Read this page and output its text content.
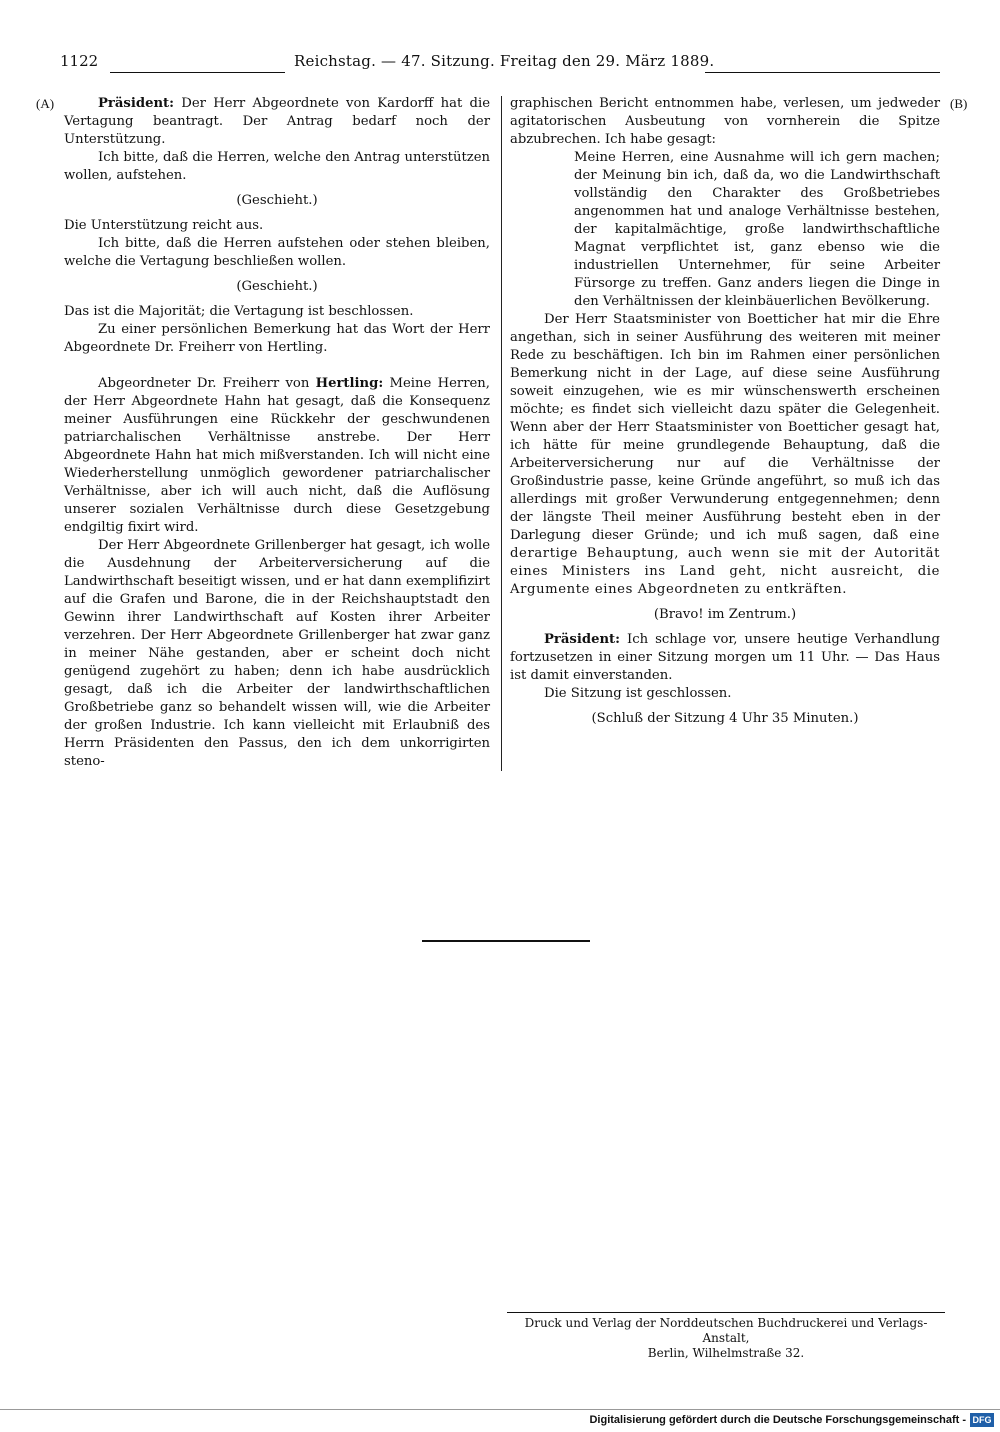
1122	Reichstag. — 47. Sitzung. Freitag den 29. März 1889.
(A)	(B)

Präsident: Der Herr Abgeordnete von Kardorff hat die Vertagung beantragt. Der Antrag bedarf noch der Unterstützung.

Ich bitte, daß die Herren, welche den Antrag unterstützen wollen, aufstehen.

(Geschieht.)

Die Unterstützung reicht aus.

Ich bitte, daß die Herren aufstehen oder stehen bleiben, welche die Vertagung beschließen wollen.

(Geschieht.)

Das ist die Majorität; die Vertagung ist beschlossen.

Zu einer persönlichen Bemerkung hat das Wort der Herr Abgeordnete Dr. Freiherr von Hertling.

Abgeordneter Dr. Freiherr von Hertling: Meine Herren, der Herr Abgeordnete Hahn hat gesagt, daß die Konsequenz meiner Ausführungen eine Rückkehr der geschwundenen patriarchalischen Verhältnisse anstrebe. Der Herr Abgeordnete Hahn hat mich mißverstanden. Ich will nicht eine Wiederherstellung unmöglich gewordener patriarchalischer Verhältnisse, aber ich will auch nicht, daß die Auflösung unserer sozialen Verhältnisse durch diese Gesetzgebung endgiltig fixirt wird.

Der Herr Abgeordnete Grillenberger hat gesagt, ich wolle die Ausdehnung der Arbeiterversicherung auf die Landwirthschaft beseitigt wissen, und er hat dann exemplifizirt auf die Grafen und Barone, die in der Reichshauptstadt den Gewinn ihrer Landwirthschaft auf Kosten ihrer Arbeiter verzehren. Der Herr Abgeordnete Grillenberger hat zwar ganz in meiner Nähe gestanden, aber er scheint doch nicht genügend zugehört zu haben; denn ich habe ausdrücklich gesagt, daß ich die Arbeiter der landwirthschaftlichen Großbetriebe ganz so behandelt wissen will, wie die Arbeiter der großen Industrie. Ich kann vielleicht mit Erlaubniß des Herrn Präsidenten den Passus, den ich dem unkorrigirten steno-

graphischen Bericht entnommen habe, verlesen, um jedweder agitatorischen Ausbeutung von vornherein die Spitze abzubrechen. Ich habe gesagt:

Meine Herren, eine Ausnahme will ich gern machen; der Meinung bin ich, daß da, wo die Landwirthschaft vollständig den Charakter des Großbetriebes angenommen hat und analoge Verhältnisse bestehen, der kapitalmächtige, große landwirthschaftliche Magnat verpflichtet ist, ganz ebenso wie die industriellen Unternehmer, für seine Arbeiter Fürsorge zu treffen. Ganz anders liegen die Dinge in den Verhältnissen der kleinbäuerlichen Bevölkerung.

Der Herr Staatsminister von Boetticher hat mir die Ehre angethan, sich in seiner Ausführung des weiteren mit meiner Rede zu beschäftigen. Ich bin im Rahmen einer persönlichen Bemerkung nicht in der Lage, auf diese seine Ausführung soweit einzugehen, wie es mir wünschenswerth erscheinen möchte; es findet sich vielleicht dazu später die Gelegenheit. Wenn aber der Herr Staatsminister von Boetticher gesagt hat, ich hätte für meine grundlegende Behauptung, daß die Arbeiterversicherung nur auf die Verhältnisse der Großindustrie passe, keine Gründe angeführt, so muß ich das allerdings mit großer Verwunderung entgegennehmen; denn der längste Theil meiner Ausführung besteht eben in der Darlegung dieser Gründe; und ich muß sagen, daß eine derartige Behauptung, auch wenn sie mit der Autorität eines Ministers ins Land geht, nicht ausreicht, die Argumente eines Abgeordneten zu entkräften.

(Bravo! im Zentrum.)

Präsident: Ich schlage vor, unsere heutige Verhandlung fortzusetzen in einer Sitzung morgen um 11 Uhr. — Das Haus ist damit einverstanden.

Die Sitzung ist geschlossen.

(Schluß der Sitzung 4 Uhr 35 Minuten.)

Druck und Verlag der Norddeutschen Buchdruckerei und Verlags-Anstalt,
Berlin, Wilhelmstraße 32.
Digitalisierung gefördert durch die Deutsche Forschungsgemeinschaft - DFG
